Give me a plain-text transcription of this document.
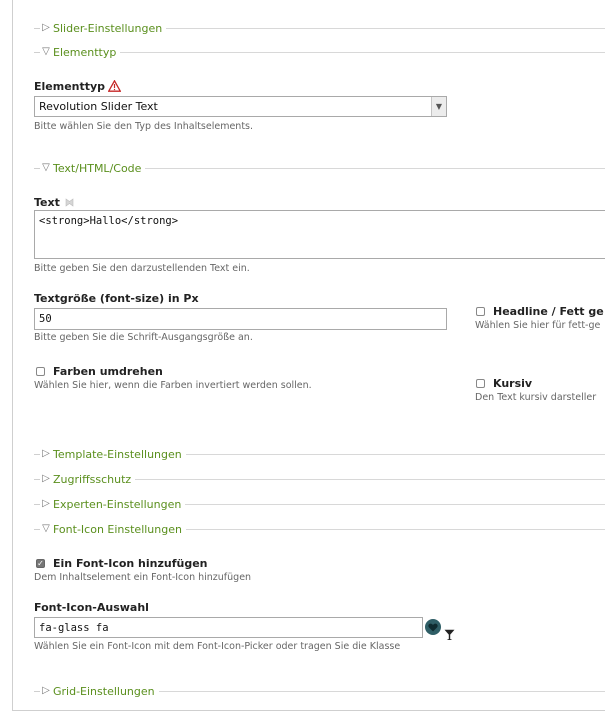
▷ Slider-Einstellungen
▽ Elementtyp
Elementtyp
Revolution Slider Text	▼
Bitte wählen Sie den Typ des Inhaltselements.
▽ Text/HTML/Code
Text
<strong>Hallo</strong>
Bitte geben Sie den darzustellenden Text ein.
Textgröße (font-size) in Px
50
Bitte geben Sie die Schrift-Ausgangsgröße an.
Headline / Fett ge
Wählen Sie hier für fett-ge
Farben umdrehen
Wählen Sie hier, wenn die Farben invertiert werden sollen.	Kursiv
Den Text kursiv darsteller
▷ Template-Einstellungen
▷ Zugriffsschutz
▷ Experten-Einstellungen
▽ Font-Icon Einstellungen
✓ Ein Font-Icon hinzufügen
Dem Inhaltselement ein Font-Icon hinzufügen
Font-Icon-Auswahl
fa-glass fa
Wählen Sie ein Font-Icon mit dem Font-Icon-Picker oder tragen Sie die Klasse
▷ Grid-Einstellungen
